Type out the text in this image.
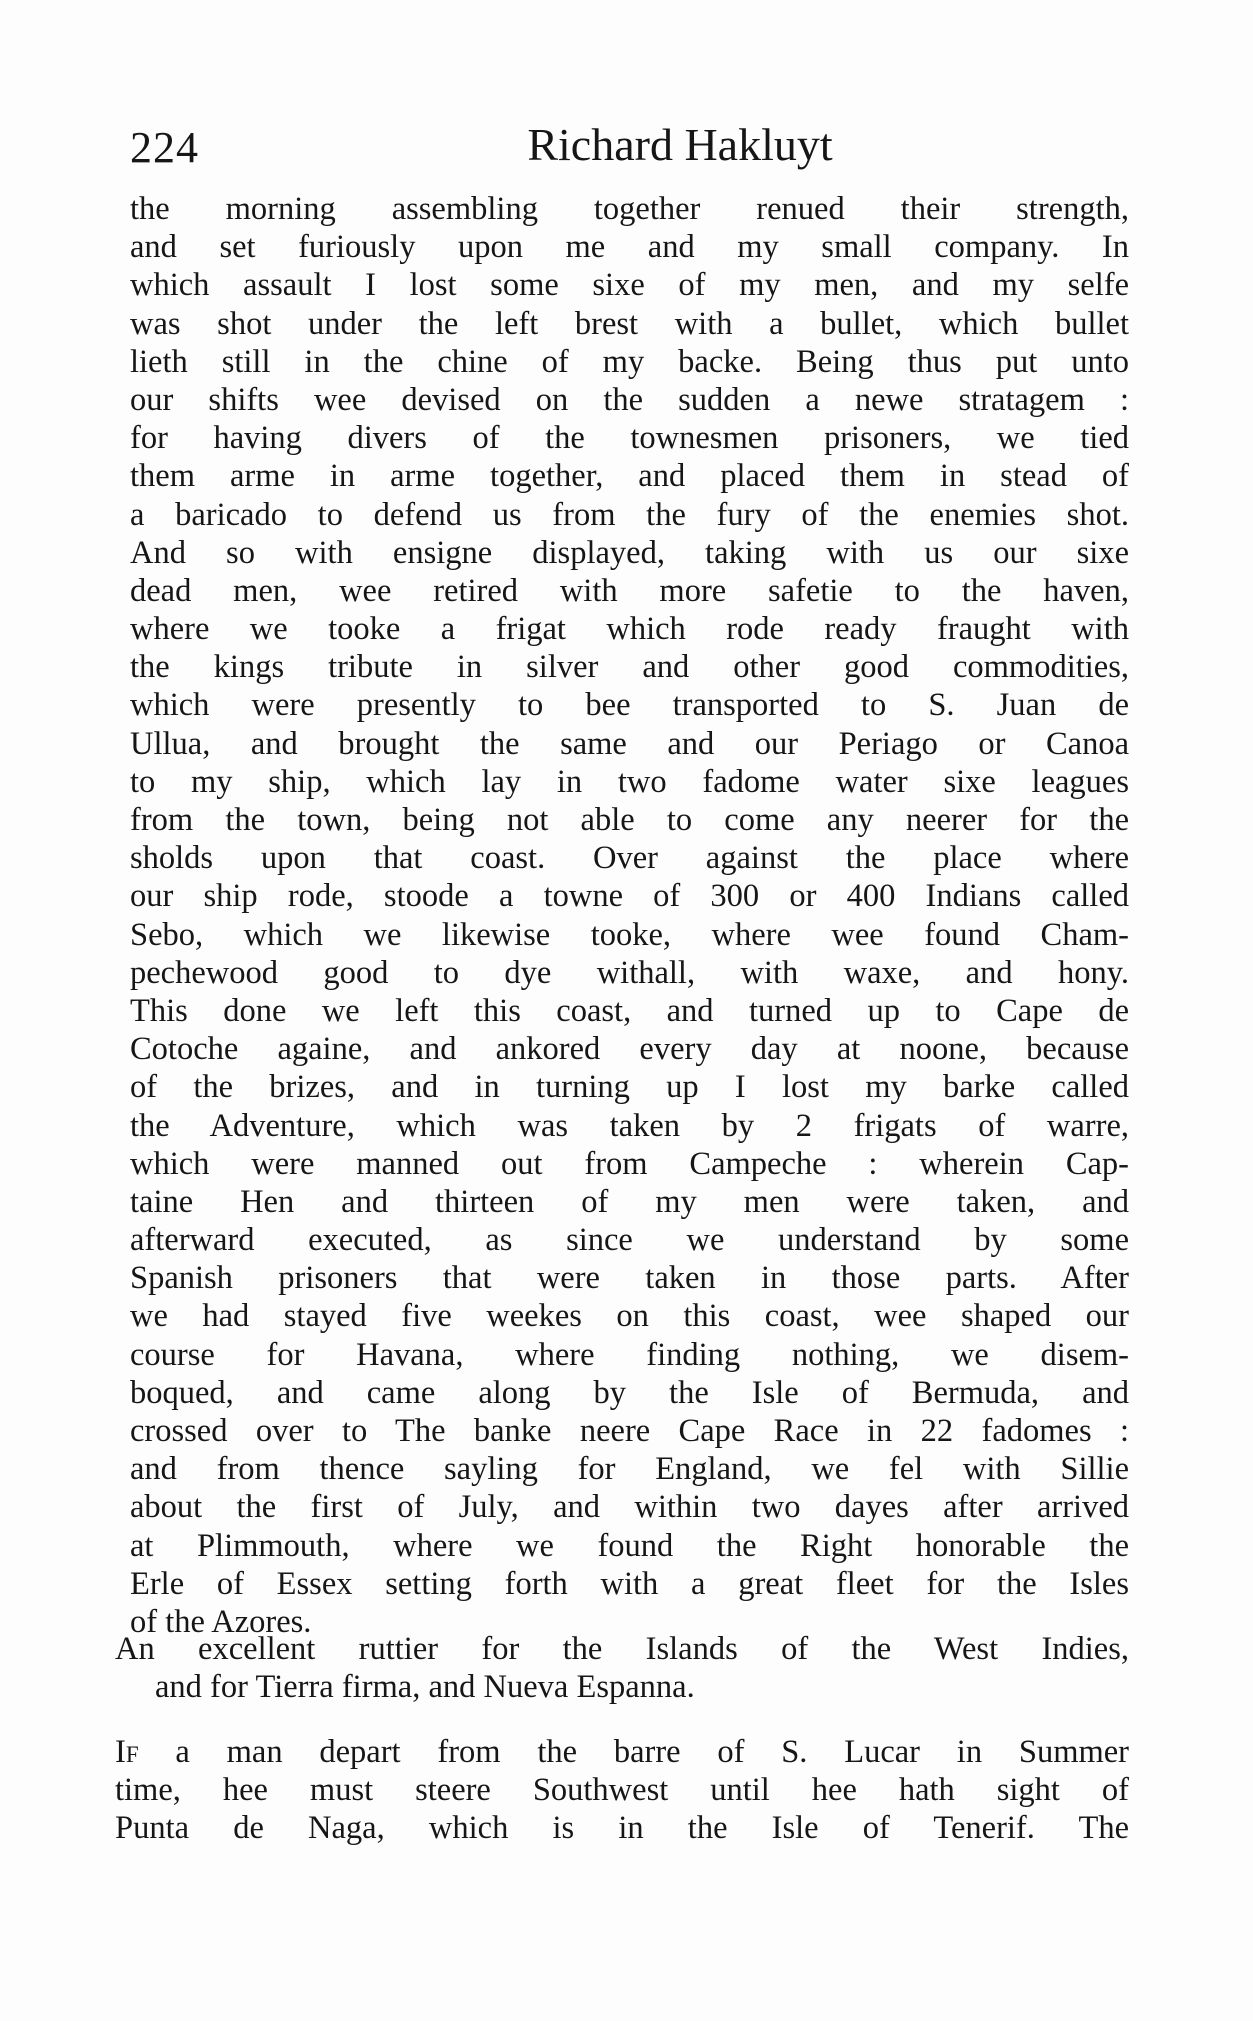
224	Richard Hakluyt
the morning assembling together renued their strength,
and set furiously upon me and my small company. In
which assault I lost some sixe of my men, and my selfe
was shot under the left brest with a bullet, which bullet
lieth still in the chine of my backe. Being thus put unto
our shifts wee devised on the sudden a newe stratagem :
for having divers of the townesmen prisoners, we tied
them arme in arme together, and placed them in stead of
a baricado to defend us from the fury of the enemies shot.
And so with ensigne displayed, taking with us our sixe
dead men, wee retired with more safetie to the haven,
where we tooke a frigat which rode ready fraught with
the kings tribute in silver and other good commodities,
which were presently to bee transported to S. Juan de
Ullua, and brought the same and our Periago or Canoa
to my ship, which lay in two fadome water sixe leagues
from the town, being not able to come any neerer for the
sholds upon that coast. Over against the place where
our ship rode, stoode a towne of 300 or 400 Indians called
Sebo, which we likewise tooke, where wee found Cham-
pechewood good to dye withall, with waxe, and hony.
This done we left this coast, and turned up to Cape de
Cotoche againe, and ankored every day at noone, because
of the brizes, and in turning up I lost my barke called
the Adventure, which was taken by 2 frigats of warre,
which were manned out from Campeche : wherein Cap-
taine Hen and thirteen of my men were taken, and
afterward executed, as since we understand by some
Spanish prisoners that were taken in those parts. After
we had stayed five weekes on this coast, wee shaped our
course for Havana, where finding nothing, we disem-
boqued, and came along by the Isle of Bermuda, and
crossed over to The banke neere Cape Race in 22 fadomes :
and from thence sayling for England, we fel with Sillie
about the first of July, and within two dayes after arrived
at Plimmouth, where we found the Right honorable the
Erle of Essex setting forth with a great fleet for the Isles
of the Azores.
An excellent ruttier for the Islands of the West Indies,
and for Tierra firma, and Nueva Espanna.
If a man depart from the barre of S. Lucar in Summer
time, hee must steere Southwest until hee hath sight of
Punta de Naga, which is in the Isle of Tenerif. The
